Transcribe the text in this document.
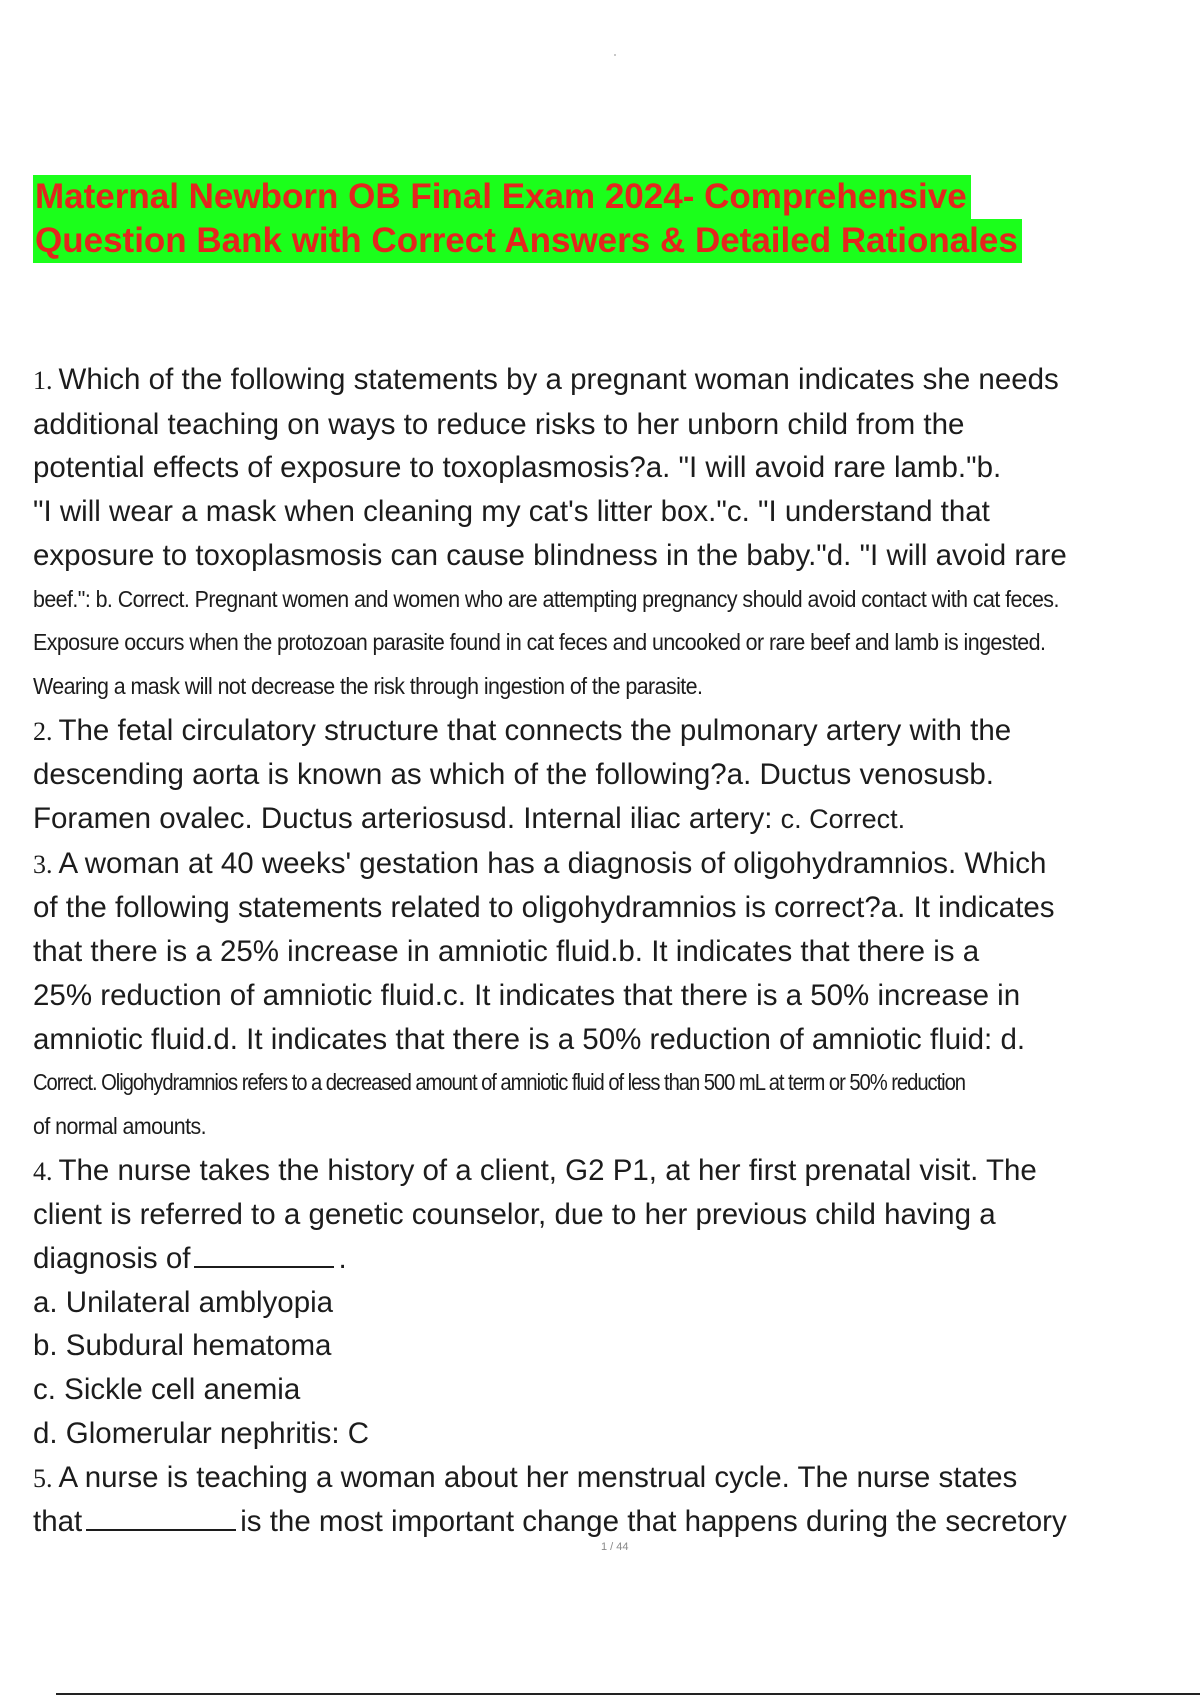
Maternal Newborn OB Final Exam 2024- Comprehensive
Question Bank with Correct Answers & Detailed Rationales
1. Which of the following statements by a pregnant woman indicates she needs
additional teaching on ways to reduce risks to her unborn child from the
potential effects of exposure to toxoplasmosis?a. "I will avoid rare lamb."b.
"I will wear a mask when cleaning my cat's litter box."c. "I understand that
exposure to toxoplasmosis can cause blindness in the baby."d. "I will avoid rare
beef.": b. Correct. Pregnant women and women who are attempting pregnancy should avoid contact with cat feces.
Exposure occurs when the protozoan parasite found in cat feces and uncooked or rare beef and lamb is ingested.
Wearing a mask will not decrease the risk through ingestion of the parasite.
2. The fetal circulatory structure that connects the pulmonary artery with the
descending aorta is known as which of the following?a. Ductus venosusb.
Foramen ovalec. Ductus arteriosusd. Internal iliac artery: c. Correct.
3. A woman at 40 weeks' gestation has a diagnosis of oligohydramnios. Which
of the following statements related to oligohydramnios is correct?a. It indicates
that there is a 25% increase in amniotic fluid.b. It indicates that there is a
25% reduction of amniotic fluid.c. It indicates that there is a 50% increase in
amniotic fluid.d. It indicates that there is a 50% reduction of amniotic fluid: d.
Correct. Oligohydramnios refers to a decreased amount of amniotic fluid of less than 500 mL at term or 50% reduction
of normal amounts.
4. The nurse takes the history of a client, G2 P1, at her first prenatal visit. The
client is referred to a genetic counselor, due to her previous child having a
diagnosis of	.
a. Unilateral amblyopia
b. Subdural hematoma
c. Sickle cell anemia
d. Glomerular nephritis: C
5. A nurse is teaching a woman about her menstrual cycle. The nurse states
that	is the most important change that happens during the secretory
1 / 44
